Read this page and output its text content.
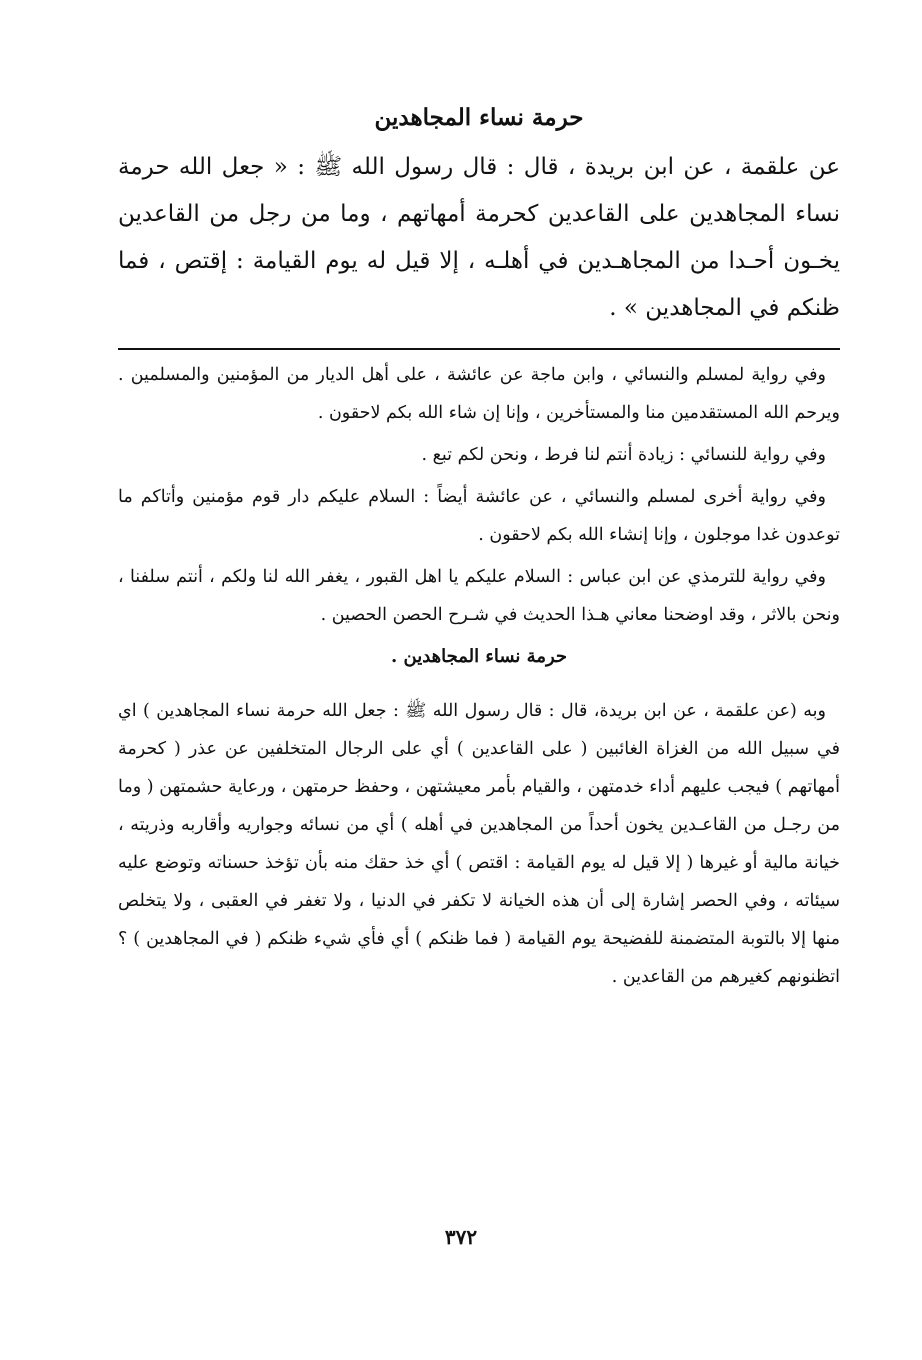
حرمة نساء المجاهدين

عن علقمة ، عن ابن بريدة ، قال : قال رسول الله ﷺ : « جعل الله حرمة نساء المجاهدين على القاعدين كحرمة أمهاتهم ، وما من رجل من القاعدين يخـون أحـدا من المجاهـدين في أهلـه ، إلا قيل له يوم القيامة : إقتص ، فما ظنكم في المجاهدين » .

وفي رواية لمسلم والنسائي ، وابن ماجة عن عائشة ، على أهل الديار من المؤمنين والمسلمين . ويرحم الله المستقدمين منا والمستأخرين ، وإنا إن شاء الله بكم لاحقون .

وفي رواية للنسائي : زيادة أنتم لنا فرط ، ونحن لكم تبع .

وفي رواية أخرى لمسلم والنسائي ، عن عائشة أيضاً : السلام عليكم دار قوم مؤمنين وأتاكم ما توعدون غدا موجلون ، وإنا إنشاء الله بكم لاحقون .

وفي رواية للترمذي عن ابن عباس : السلام عليكم يا اهل القبور ، يغفر الله لنا ولكم ، أنتم سلفنا ، ونحن بالاثر ، وقد اوضحنا معاني هـذا الحديث في شـرح الحصن الحصين .

حرمة نساء المجاهدين .

وبه (عن علقمة ، عن ابن بريدة، قال : قال رسول الله ﷺ : جعل الله حرمة نساء المجاهدين ) اي في سبيل الله من الغزاة الغائبين ( على القاعدين ) أي على الرجال المتخلفين عن عذر ( كحرمة أمهاتهم ) فيجب عليهم أداء خدمتهن ، والقيام بأمر معيشتهن ، وحفظ حرمتهن ، ورعاية حشمتهن ( وما من رجـل من القاعـدين يخون أحداً من المجاهدين في أهله ) أي من نسائه وجواريه وأقاربه وذريته ، خيانة مالية أو غيرها ( إلا قيل له يوم القيامة : اقتص ) أي خذ حقك منه بأن تؤخذ حسناته وتوضع عليه سيئاته ، وفي الحصر إشارة إلى أن هذه الخيانة لا تكفر في الدنيا ، ولا تغفر في العقبى ، ولا يتخلص منها إلا بالتوبة المتضمنة للفضيحة يوم القيامة ( فما ظنكم ) أي فأي شيء ظنكم ( في المجاهدين ) ؟ اتظنونهم كغيرهم من القاعدين .

٣٧٢
